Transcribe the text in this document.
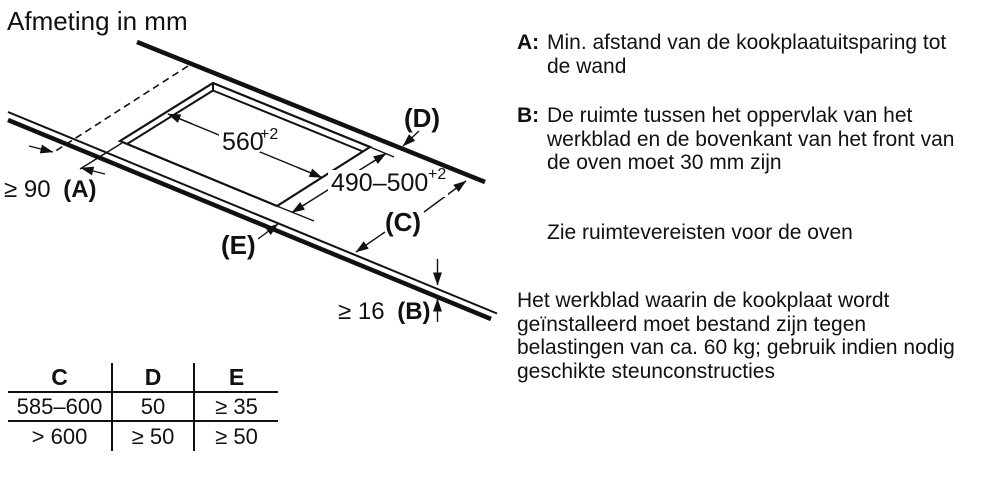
Afmeting in mm
560
+2
490–500 +2
≥ 90 (A)
≥ 16 (B)
(C)
(D)
(E)
C	D	E
585–600	50	≥ 35
> 600	≥ 50	≥ 50
A: Min. afstand van de kookplaatuitsparing tot de wand
B: De ruimte tussen het oppervlak van het werkblad en de bovenkant van het front van de oven moet 30 mm zijn
Zie ruimtevereisten voor de oven
Het werkblad waarin de kookplaat wordt geïnstalleerd moet bestand zijn tegen belastingen van ca. 60 kg; gebruik indien nodig geschikte steunconstructies
